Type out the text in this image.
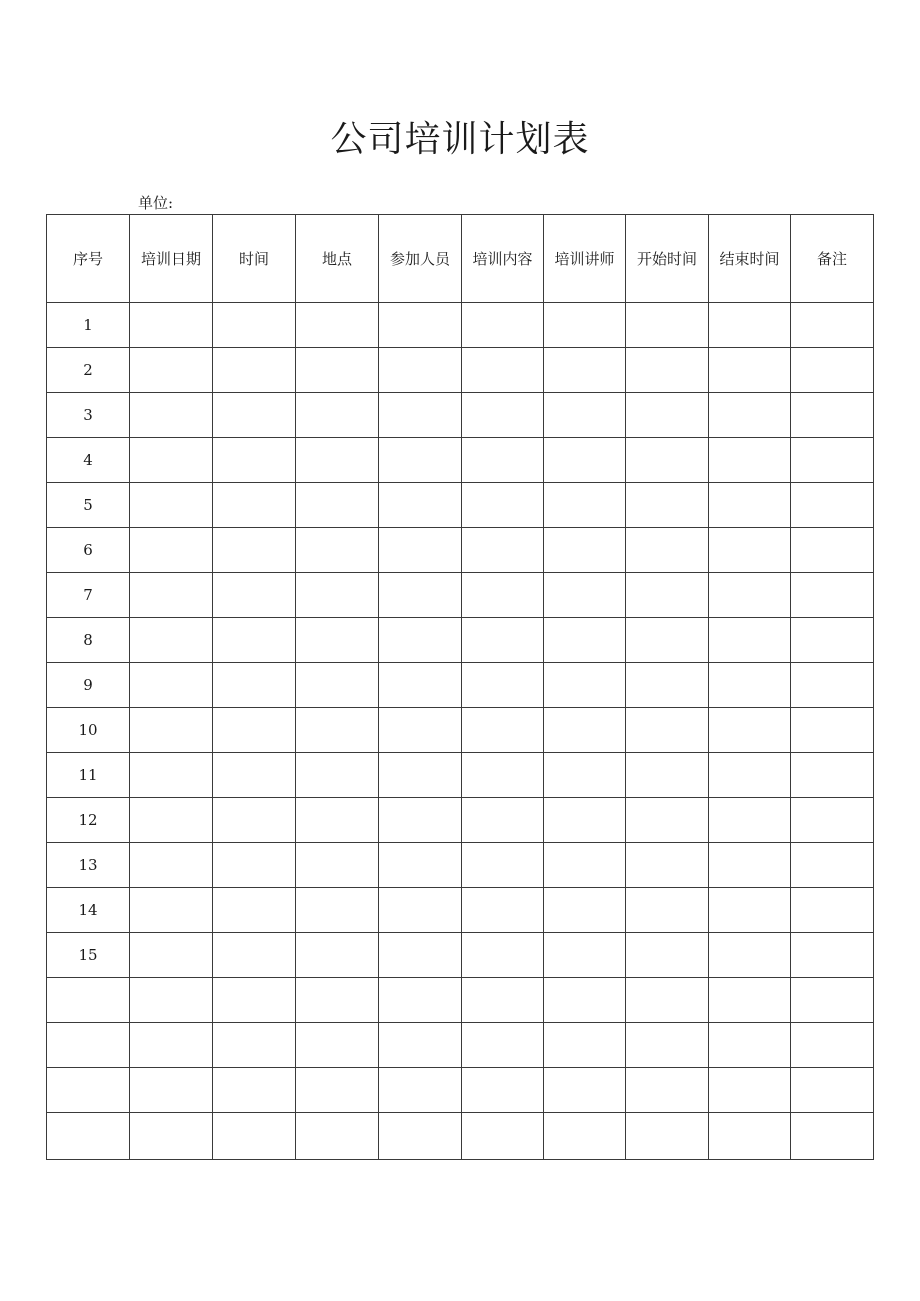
公司培训计划表
单位:
序号	培训日期	时间	地点	参加人员	培训内容	培训讲师	开始时间	结束时间	备注
1									
2									
3									
4									
5									
6									
7									
8									
9									
10									
11									
12									
13									
14									
15									
